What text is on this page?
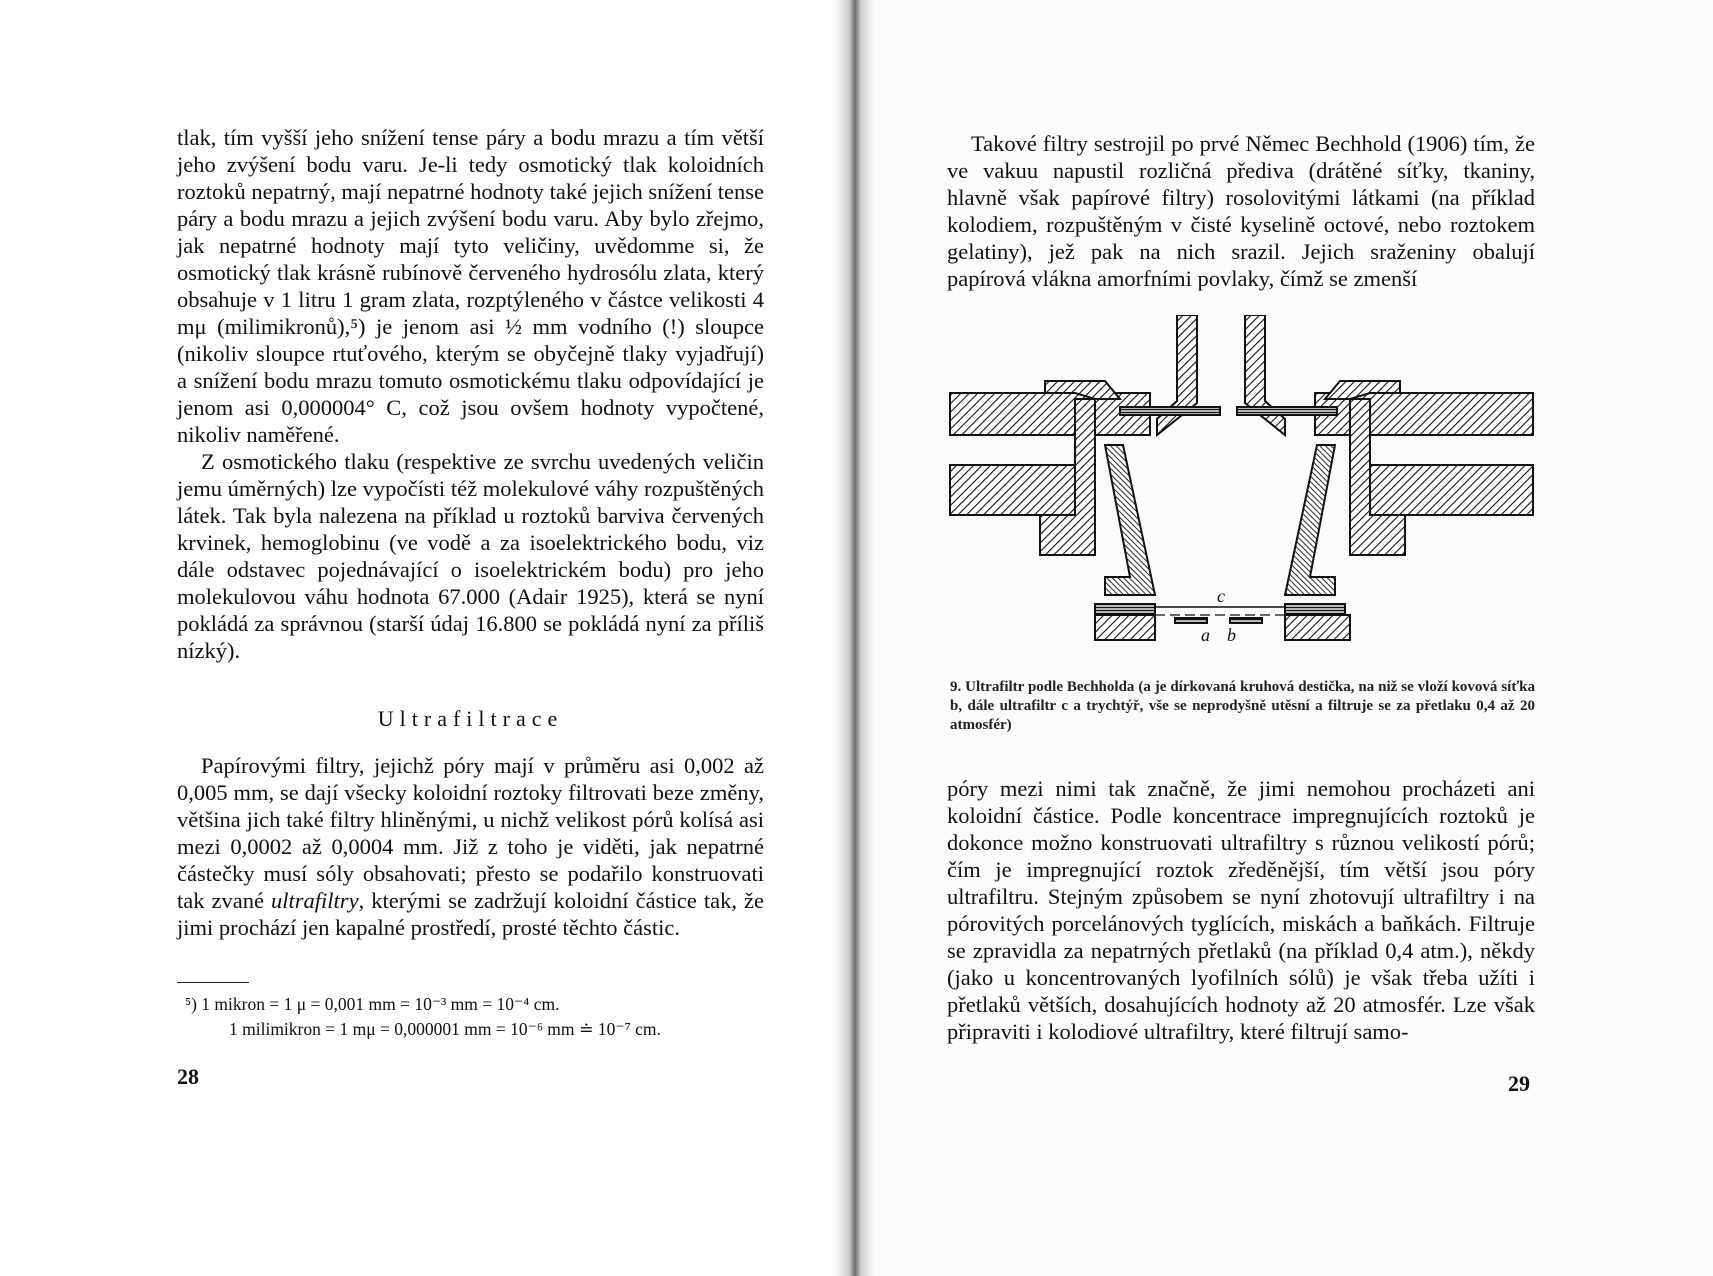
tlak, tím vyšší jeho snížení tense páry a bodu mrazu a tím větší jeho zvýšení bodu varu. Je-li tedy osmotický tlak koloidních roztoků nepatrný, mají nepatrné hodnoty také jejich snížení tense páry a bodu mrazu a jejich zvýšení bodu varu. Aby bylo zřejmo, jak nepatrné hodnoty mají tyto veličiny, uvědomme si, že osmotický tlak krásně rubínově červeného hydrosólu zlata, který obsahuje v 1 litru 1 gram zlata, rozptýleného v částce velikosti 4 mμ (milimikronů),⁵) je jenom asi ½ mm vodního (!) sloupce (nikoliv sloupce rtuťového, kterým se obyčejně tlaky vyjadřují) a snížení bodu mrazu tomuto osmotickému tlaku odpovídající je jenom asi 0,000004° C, což jsou ovšem hodnoty vypočtené, nikoliv naměřené.

Z osmotického tlaku (respektive ze svrchu uvedených veličin jemu úměrných) lze vypočísti též molekulové váhy rozpuštěných látek. Tak byla nalezena na příklad u roztoků barviva červených krvinek, hemoglobinu (ve vodě a za isoelektrického bodu, viz dále odstavec pojednávající o isoelektrickém bodu) pro jeho molekulovou váhu hodnota 67.000 (Adair 1925), která se nyní pokládá za správnou (starší údaj 16.800 se pokládá nyní za příliš nízký).

Ultrafiltrace

Papírovými filtry, jejichž póry mají v průměru asi 0,002 až 0,005 mm, se dají všecky koloidní roztoky filtrovati beze změny, většina jich také filtry hliněnými, u nichž velikost pórů kolísá asi mezi 0,0002 až 0,0004 mm. Již z toho je viděti, jak nepatrné částečky musí sóly obsahovati; přesto se podařilo konstruovati tak zvané ultrafiltry, kterými se zadržují koloidní částice tak, že jimi prochází jen kapalné prostředí, prosté těchto částic.

⁵) 1 mikron = 1 μ = 0,001 mm = 10⁻³ mm = 10⁻⁴ cm.
1 milimikron = 1 mμ = 0,000001 mm = 10⁻⁶ mm ≐ 10⁻⁷ cm.
28

Takové filtry sestrojil po prvé Němec Bechhold (1906) tím, že ve vakuu napustil rozličná přediva (drátěné síťky, tkaniny, hlavně však papírové filtry) rosolovitými látkami (na příklad kolodiem, rozpuštěným v čisté kyselině octové, nebo roztokem gelatiny), jež pak na nich srazil. Jejich sraženiny obalují papírová vlákna amorfními povlaky, čímž se zmenší

c
a b
9. Ultrafiltr podle Bechholda (a je dírkovaná kruhová destička, na niž se vloží kovová síťka b, dále ultrafiltr c a trychtýř, vše se neprodyšně utěsní a filtruje se za přetlaku 0,4 až 20 atmosfér)

póry mezi nimi tak značně, že jimi nemohou procházeti ani koloidní částice. Podle koncentrace impregnujících roztoků je dokonce možno konstruovati ultrafiltry s různou velikostí pórů; čím je impregnující roztok zředěnější, tím větší jsou póry ultrafiltru. Stejným způsobem se nyní zhotovují ultrafiltry i na pórovitých porcelánových tyglících, miskách a baňkách. Filtruje se zpravidla za nepatrných přetlaků (na příklad 0,4 atm.), někdy (jako u koncentrovaných lyofilních sólů) je však třeba užíti i přetlaků větších, dosahujících hodnoty až 20 atmosfér. Lze však připraviti i kolodiové ultrafiltry, které filtrují samo-

29
